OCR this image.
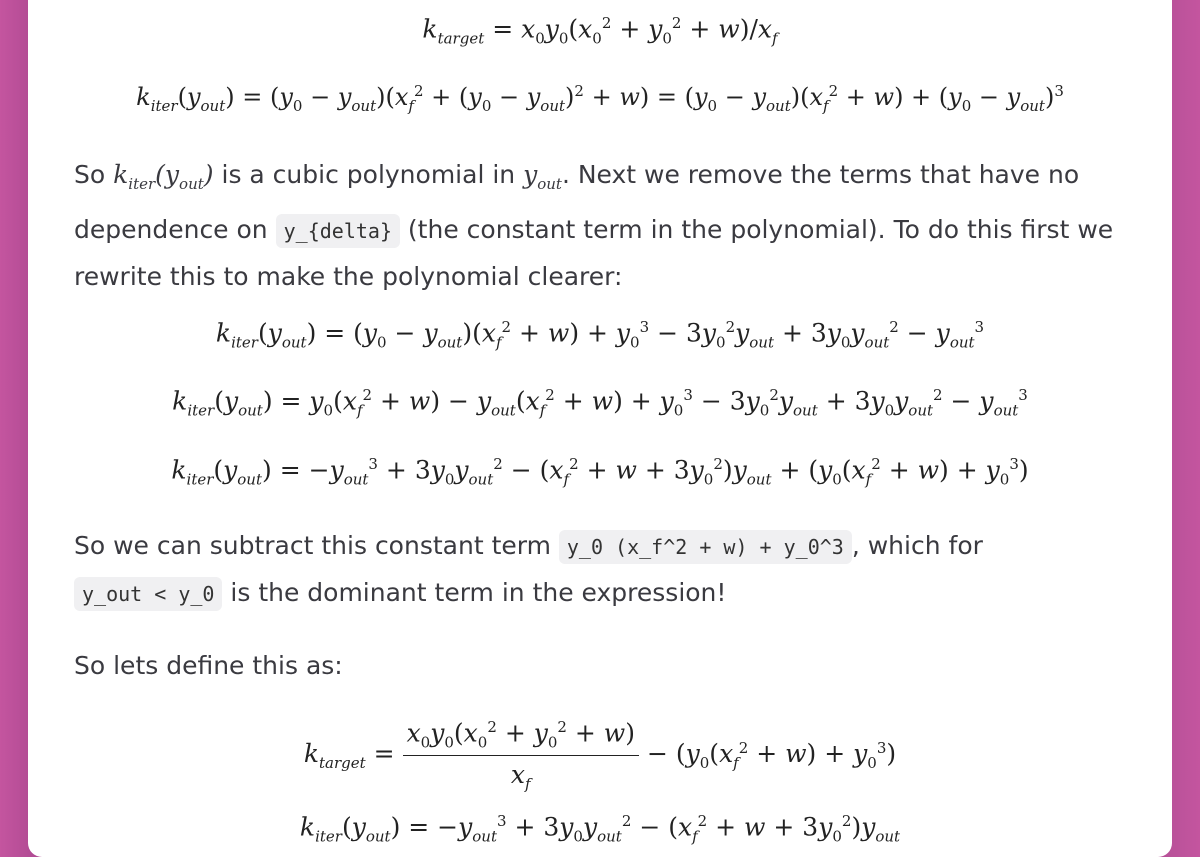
$k_{target} = x_0y_0(x_0^2 + y_0^2 + w)/x_f$
$k_{iter}(y_{out}) = (y_0 - y_{out})(x_f^2 + (y_0 - y_{out})^2 + w) = (y_0 - y_{out})(x_f^2 + w) + (y_0 - y_{out})^3$
So $k_{iter}(y_{out})$ is a cubic polynomial in $y_{out}$. Next we remove the terms that have no dependence on y_{delta} (the constant term in the polynomial). To do this first we rewrite this to make the polynomial clearer:
$k_{iter}(y_{out}) = (y_0 - y_{out})(x_f^2 + w) + y_0^3 - 3y_0^2y_{out} + 3y_0y_{out}^2 - y_{out}^3$
$k_{iter}(y_{out}) = y_0(x_f^2 + w) - y_{out}(x_f^2 + w) + y_0^3 - 3y_0^2y_{out} + 3y_0y_{out}^2 - y_{out}^3$
$k_{iter}(y_{out}) = -y_{out}^3 + 3y_0y_{out}^2 - (x_f^2 + w + 3y_0^2)y_{out} + (y_0(x_f^2 + w) + y_0^3)$
So we can subtract this constant term y_0 (x_f^2 + w) + y_0^3 , which for
y_out < y_0 is the dominant term in the expression!
So lets define this as:
$k_{target} = \frac{x_0y_0(x_0^2 + y_0^2 + w)}{x_f} - (y_0(x_f^2 + w) + y_0^3)$
$k_{iter}(y_{out}) = -y_{out}^3 + 3y_0y_{out}^2 - (x_f^2 + w + 3y_0^2)y_{out}$
